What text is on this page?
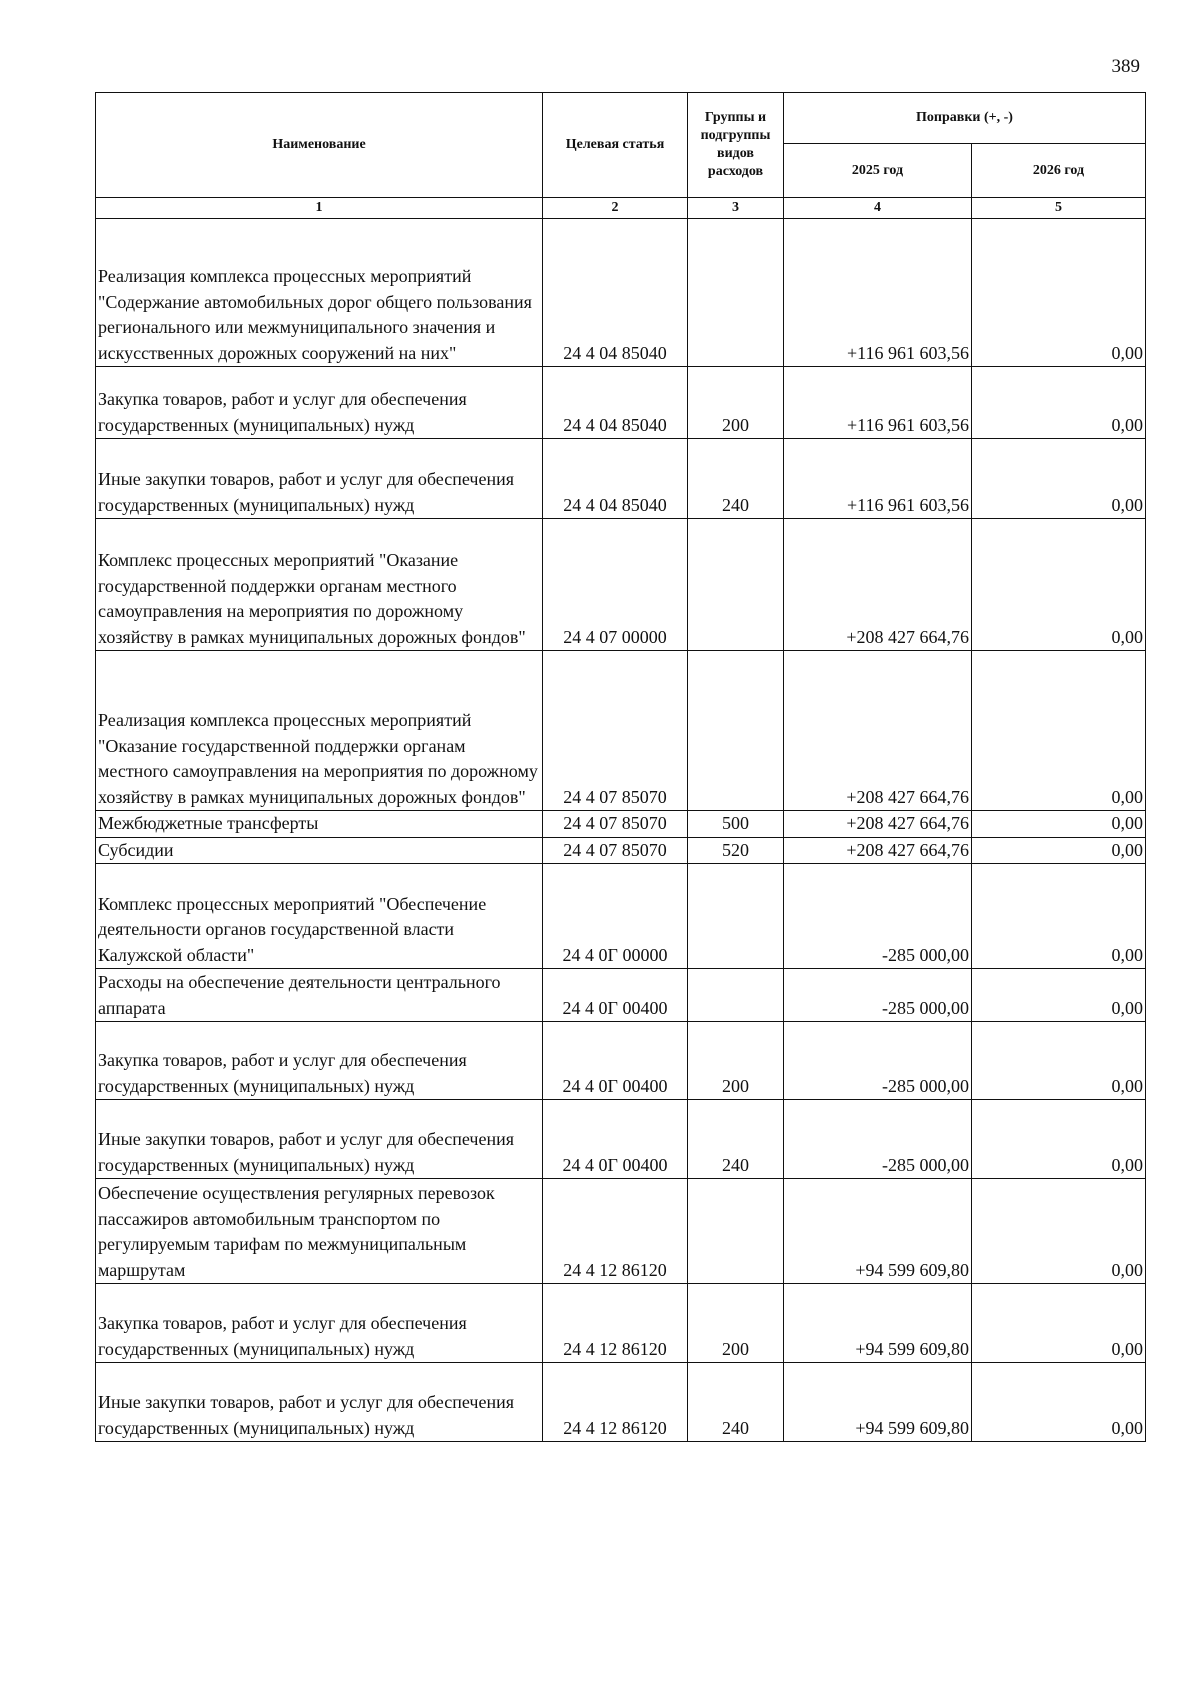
389
Наименование	Целевая статья	Группы и подгруппы видов расходов	Поправки (+, -)	
			2025 год	2026 год
1	2	3	4	5
Реализация комплекса процессных мероприятий "Содержание автомобильных дорог общего пользования регионального или межмуниципального значения и искусственных дорожных сооружений на них"	24 4 04 85040		+116 961 603,56	0,00
Закупка товаров, работ и услуг для обеспечения государственных (муниципальных) нужд	24 4 04 85040	200	+116 961 603,56	0,00
Иные закупки товаров, работ и услуг для обеспечения государственных (муниципальных) нужд	24 4 04 85040	240	+116 961 603,56	0,00
Комплекс процессных мероприятий "Оказание государственной поддержки органам местного самоуправления на мероприятия по дорожному хозяйству в рамках муниципальных дорожных фондов"	24 4 07 00000		+208 427 664,76	0,00
Реализация комплекса процессных мероприятий "Оказание государственной поддержки органам местного самоуправления на мероприятия по дорожному хозяйству в рамках муниципальных дорожных фондов"	24 4 07 85070		+208 427 664,76	0,00
Межбюджетные трансферты	24 4 07 85070	500	+208 427 664,76	0,00
Субсидии	24 4 07 85070	520	+208 427 664,76	0,00
Комплекс процессных мероприятий "Обеспечение деятельности органов государственной власти Калужской области"	24 4 0Г 00000		-285 000,00	0,00
Расходы на обеспечение деятельности центрального аппарата	24 4 0Г 00400		-285 000,00	0,00
Закупка товаров, работ и услуг для обеспечения государственных (муниципальных) нужд	24 4 0Г 00400	200	-285 000,00	0,00
Иные закупки товаров, работ и услуг для обеспечения государственных (муниципальных) нужд	24 4 0Г 00400	240	-285 000,00	0,00
Обеспечение осуществления регулярных перевозок пассажиров автомобильным транспортом по регулируемым тарифам по межмуниципальным маршрутам	24 4 12 86120		+94 599 609,80	0,00
Закупка товаров, работ и услуг для обеспечения государственных (муниципальных) нужд	24 4 12 86120	200	+94 599 609,80	0,00
Иные закупки товаров, работ и услуг для обеспечения государственных (муниципальных) нужд	24 4 12 86120	240	+94 599 609,80	0,00
